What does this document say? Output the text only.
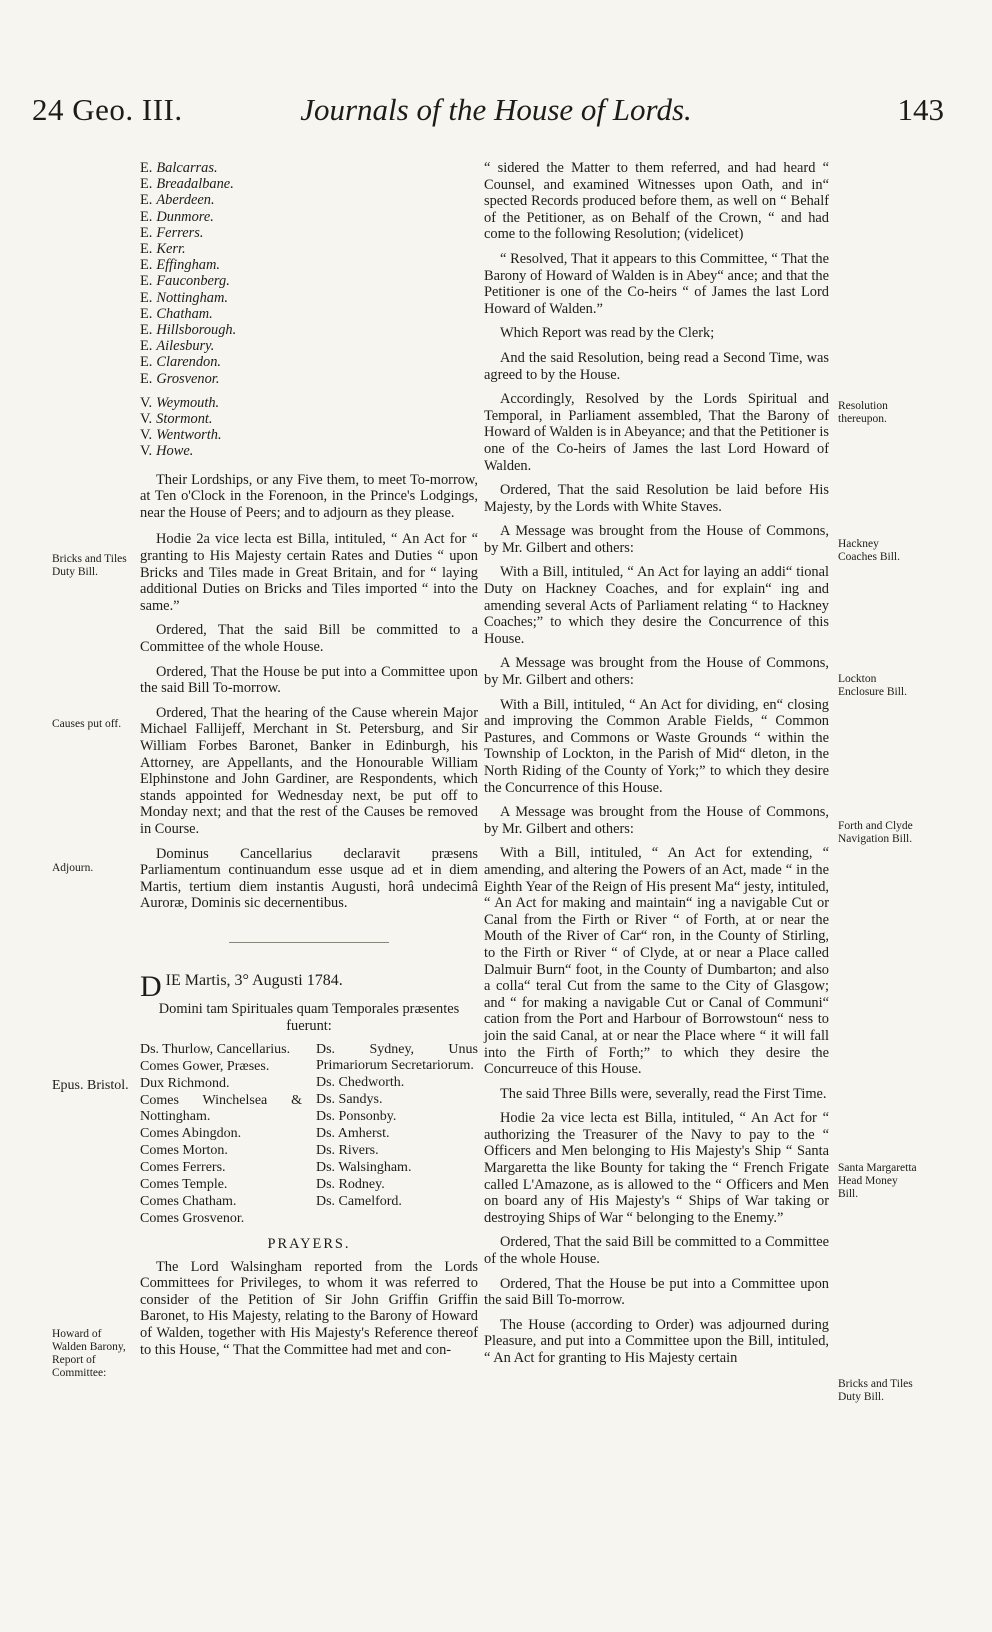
24 Geo. III.	Journals of the House of Lords.	143
Bricks and Tiles Duty Bill.
Causes put off.
Adjourn.
Epus. Bristol.
Howard of Walden Barony, Report of Committee:
Resolution thereupon.
Hackney Coaches Bill.
Lockton Enclosure Bill.
Forth and Clyde Navigation Bill.
Santa Margaretta Head Money Bill.
Bricks and Tiles Duty Bill.
E. Balcarras.
E. Breadalbane.
E. Aberdeen.
E. Dunmore.
E. Ferrers.
E. Kerr.
E. Effingham.
E. Fauconberg.
E. Nottingham.
E. Chatham.
E. Hillsborough.
E. Ailesbury.
E. Clarendon.
E. Grosvenor.
V. Weymouth.
V. Stormont.
V. Wentworth.
V. Howe.

Their Lordships, or any Five them, to meet To-morrow, at Ten o'Clock in the Forenoon, in the Prince's Lodgings, near the House of Peers; and to adjourn as they please.

Hodie 2a vice lecta est Billa, intituled, “ An Act for “ granting to His Majesty certain Rates and Duties “ upon Bricks and Tiles made in Great Britain, and for “ laying additional Duties on Bricks and Tiles imported “ into the same.”

Ordered, That the said Bill be committed to a Committee of the whole House.

Ordered, That the House be put into a Committee upon the said Bill To-morrow.

Ordered, That the hearing of the Cause wherein Major Michael Fallijeff, Merchant in St. Petersburg, and Sir William Forbes Baronet, Banker in Edinburgh, his Attorney, are Appellants, and the Honourable William Elphinstone and John Gardiner, are Respondents, which stands appointed for Wednesday next, be put off to Monday next; and that the rest of the Causes be removed in Course.

Dominus Cancellarius declaravit præsens Parliamentum continuandum esse usque ad et in diem Martis, tertium diem instantis Augusti, horâ undecimâ Auroræ, Dominis sic decernentibus.

D IE Martis, 3° Augusti 1784.

Domini tam Spirituales quam Temporales præsentes fuerunt:

Ds. Thurlow, Cancellarius.
Comes Gower, Præses.
Dux Richmond.
Comes Winchelsea & Nottingham.
Comes Abingdon.
Comes Morton.
Comes Ferrers.
Comes Temple.
Comes Chatham.
Comes Grosvenor.
Ds. Sydney, Unus Primariorum Secretariorum.
Ds. Chedworth.
Ds. Sandys.
Ds. Ponsonby.
Ds. Amherst.
Ds. Rivers.
Ds. Walsingham.
Ds. Rodney.
Ds. Camelford.
PRAYERS.

The Lord Walsingham reported from the Lords Committees for Privileges, to whom it was referred to consider of the Petition of Sir John Griffin Griffin Baronet, to His Majesty, relating to the Barony of Howard of Walden, together with His Majesty's Reference thereof to this House, “ That the Committee had met and con-

“ sidered the Matter to them referred, and had heard “ Counsel, and examined Witnesses upon Oath, and in“ spected Records produced before them, as well on “ Behalf of the Petitioner, as on Behalf of the Crown, “ and had come to the following Resolution; (videlicet)

“ Resolved, That it appears to this Committee, “ That the Barony of Howard of Walden is in Abey“ ance; and that the Petitioner is one of the Co-heirs “ of James the last Lord Howard of Walden.”

Which Report was read by the Clerk;

And the said Resolution, being read a Second Time, was agreed to by the House.

Accordingly, Resolved by the Lords Spiritual and Temporal, in Parliament assembled, That the Barony of Howard of Walden is in Abeyance; and that the Petitioner is one of the Co-heirs of James the last Lord Howard of Walden.

Ordered, That the said Resolution be laid before His Majesty, by the Lords with White Staves.

A Message was brought from the House of Commons, by Mr. Gilbert and others:

With a Bill, intituled, “ An Act for laying an addi“ tional Duty on Hackney Coaches, and for explain“ ing and amending several Acts of Parliament relating “ to Hackney Coaches;” to which they desire the Concurrence of this House.

A Message was brought from the House of Commons, by Mr. Gilbert and others:

With a Bill, intituled, “ An Act for dividing, en“ closing and improving the Common Arable Fields, “ Common Pastures, and Commons or Waste Grounds “ within the Township of Lockton, in the Parish of Mid“ dleton, in the North Riding of the County of York;” to which they desire the Concurrence of this House.

A Message was brought from the House of Commons, by Mr. Gilbert and others:

With a Bill, intituled, “ An Act for extending, “ amending, and altering the Powers of an Act, made “ in the Eighth Year of the Reign of His present Ma“ jesty, intituled, “ An Act for making and maintain“ ing a navigable Cut or Canal from the Firth or River “ of Forth, at or near the Mouth of the River of Car“ ron, in the County of Stirling, to the Firth or River “ of Clyde, at or near a Place called Dalmuir Burn“ foot, in the County of Dumbarton; and also a colla“ teral Cut from the same to the City of Glasgow; and “ for making a navigable Cut or Canal of Communi“ cation from the Port and Harbour of Borrowstoun“ ness to join the said Canal, at or near the Place where “ it will fall into the Firth of Forth;” to which they desire the Concurreuce of this House.

The said Three Bills were, severally, read the First Time.

Hodie 2a vice lecta est Billa, intituled, “ An Act for “ authorizing the Treasurer of the Navy to pay to the “ Officers and Men belonging to His Majesty's Ship “ Santa Margaretta the like Bounty for taking the “ French Frigate called L'Amazone, as is allowed to the “ Officers and Men on board any of His Majesty's “ Ships of War taking or destroying Ships of War “ belonging to the Enemy.”

Ordered, That the said Bill be committed to a Committee of the whole House.

Ordered, That the House be put into a Committee upon the said Bill To-morrow.

The House (according to Order) was adjourned during Pleasure, and put into a Committee upon the Bill, intituled, “ An Act for granting to His Majesty certain
